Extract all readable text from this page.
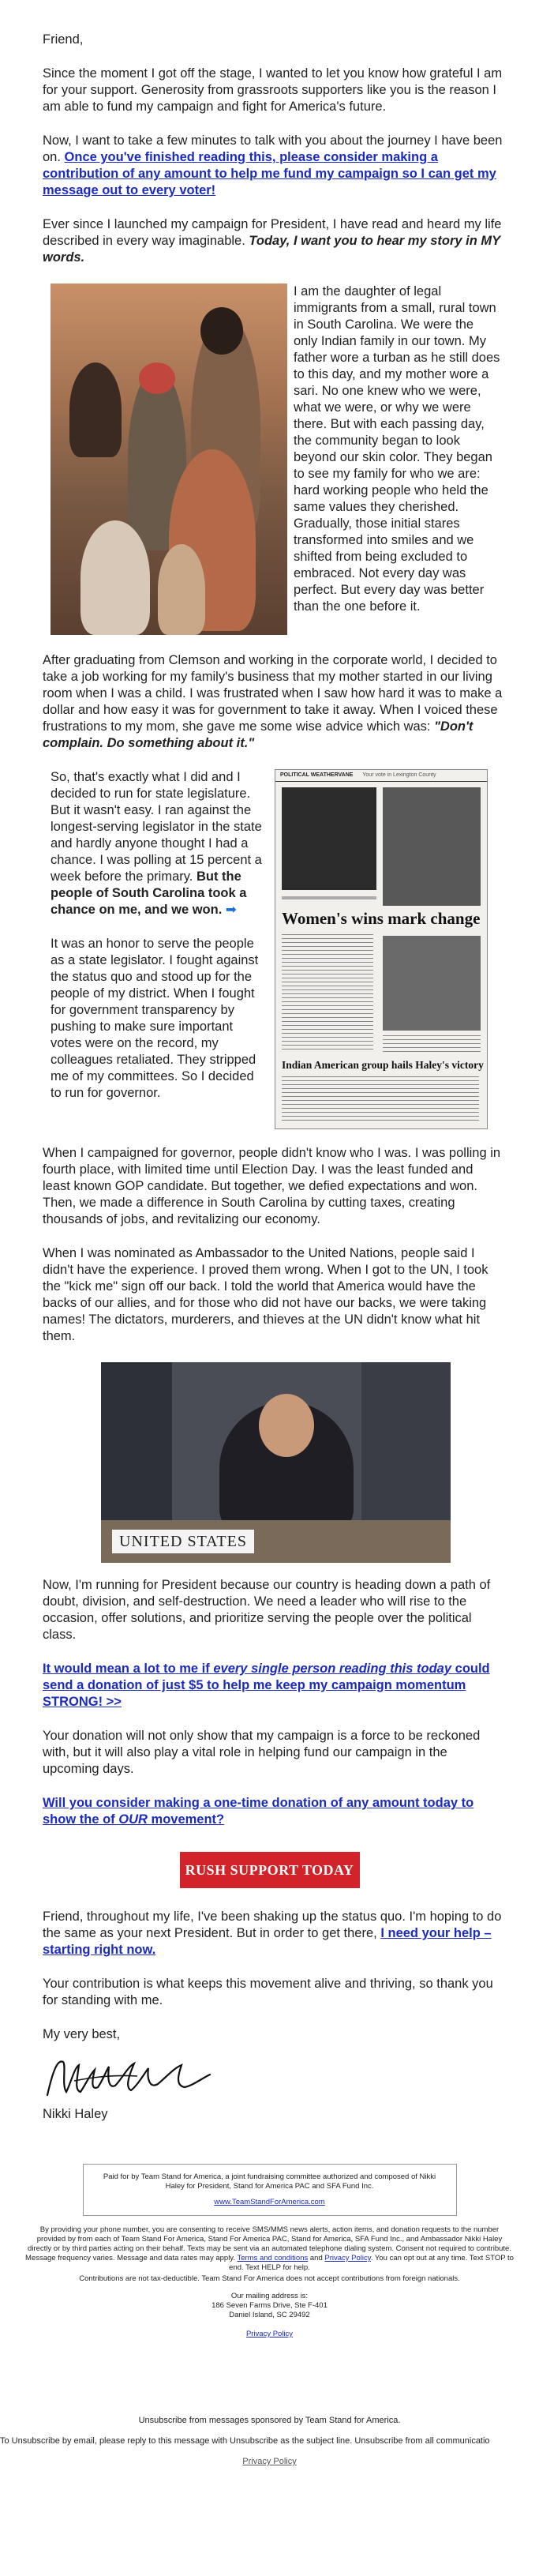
Friend,

Since the moment I got off the stage, I wanted to let you know how grateful I am for your support. Generosity from grassroots supporters like you is the reason I am able to fund my campaign and fight for America's future.

Now, I want to take a few minutes to talk with you about the journey I have been on. Once you've finished reading this, please consider making a contribution of any amount to help me fund my campaign so I can get my message out to every voter!

Ever since I launched my campaign for President, I have read and heard my life described in every way imaginable. Today, I want you to hear my story in MY words.

I am the daughter of legal immigrants from a small, rural town in South Carolina. We were the only Indian family in our town. My father wore a turban as he still does to this day, and my mother wore a sari. No one knew who we were, what we were, or why we were there. But with each passing day, the community began to look beyond our skin color. They began to see my family for who we are: hard working people who held the same values they cherished. Gradually, those initial stares transformed into smiles and we shifted from being excluded to embraced. Not every day was perfect. But every day was better than the one before it.

After graduating from Clemson and working in the corporate world, I decided to take a job working for my family's business that my mother started in our living room when I was a child. I was frustrated when I saw how hard it was to make a dollar and how easy it was for government to take it away. When I voiced these frustrations to my mom, she gave me some wise advice which was: "Don't complain. Do something about it."

So, that's exactly what I did and I decided to run for state legislature. But it wasn't easy. I ran against the longest-serving legislator in the state and hardly anyone thought I had a chance. I was polling at 15 percent a week before the primary. But the people of South Carolina took a chance on me, and we won. ➡

It was an honor to serve the people as a state legislator. I fought against the status quo and stood up for the people of my district. When I fought for government transparency by pushing to make sure important votes were on the record, my colleagues retaliated. They stripped me of my committees. So I decided to run for governor.

POLITICAL WEATHERVANE Your vote in Lexington County
Women's wins mark change
Indian American group hails Haley's victory

When I campaigned for governor, people didn't know who I was. I was polling in fourth place, with limited time until Election Day. I was the least funded and least known GOP candidate. But together, we defied expectations and won. Then, we made a difference in South Carolina by cutting taxes, creating thousands of jobs, and revitalizing our economy.

When I was nominated as Ambassador to the United Nations, people said I didn't have the experience. I proved them wrong. When I got to the UN, I took the "kick me" sign off our back. I told the world that America would have the backs of our allies, and for those who did not have our backs, we were taking names! The dictators, murderers, and thieves at the UN didn't know what hit them.

UNITED STATES

Now, I'm running for President because our country is heading down a path of doubt, division, and self-destruction. We need a leader who will rise to the occasion, offer solutions, and prioritize serving the people over the political class.

It would mean a lot to me if every single person reading this today could send a donation of just $5 to help me keep my campaign momentum STRONG! >>

Your donation will not only show that my campaign is a force to be reckoned with, but it will also play a vital role in helping fund our campaign in the upcoming days.

Will you consider making a one-time donation of any amount today to show the of OUR movement?

RUSH SUPPORT TODAY

Friend, throughout my life, I've been shaking up the status quo. I'm hoping to do the same as your next President. But in order to get there, I need your help – starting right now.

Your contribution is what keeps this movement alive and thriving, so thank you for standing with me.

My very best,

Nikki Haley

Paid for by Team Stand for America, a joint fundraising committee authorized and composed of Nikki Haley for President, Stand for America PAC and SFA Fund Inc.
www.TeamStandForAmerica.com
By providing your phone number, you are consenting to receive SMS/MMS news alerts, action items, and donation requests to the number provided by from each of Team Stand For America, Stand For America PAC, Stand for America, SFA Fund Inc., and Ambassador Nikki Haley directly or by third parties acting on their behalf. Texts may be sent via an automated telephone dialing system. Consent not required to contribute. Message frequency varies. Message and data rates may apply. Terms and conditions and Privacy Policy. You can opt out at any time. Text STOP to end. Text HELP for help.
Contributions are not tax-deductible. Team Stand For America does not accept contributions from foreign nationals.
Our mailing address is:
186 Seven Farms Drive, Ste F-401
Daniel Island, SC 29492
Privacy Policy
Unsubscribe from messages sponsored by Team Stand for America.
To Unsubscribe by email, please reply to this message with Unsubscribe as the subject line. Unsubscribe from all communicatio
Privacy Policy
